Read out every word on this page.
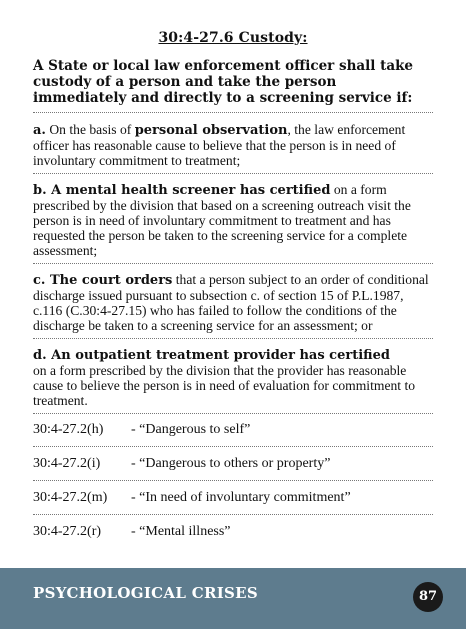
30:4-27.6 Custody:
A State or local law enforcement officer shall take custody of a person and take the person immediately and directly to a screening service if:
a. On the basis of personal observation, the law enforcement officer has reasonable cause to believe that the person is in need of involuntary commitment to treatment;
b. A mental health screener has certified on a form prescribed by the division that based on a screening outreach visit the person is in need of involuntary commitment to treatment and has requested the person be taken to the screening service for a complete assessment;
c. The court orders that a person subject to an order of conditional discharge issued pursuant to subsection c. of section 15 of P.L.1987, c.116 (C.30:4-27.15) who has failed to follow the conditions of the discharge be taken to a screening service for an assessment; or
d. An outpatient treatment provider has certified
on a form prescribed by the division that the provider has reasonable cause to believe the person is in need of evaluation for commitment to treatment.
30:4-27.2(h)	- “Dangerous to self”
30:4-27.2(i)	- “Dangerous to others or property”
30:4-27.2(m)	- “In need of involuntary commitment”
30:4-27.2(r)	- “Mental illness”
PSYCHOLOGICAL CRISES	87
